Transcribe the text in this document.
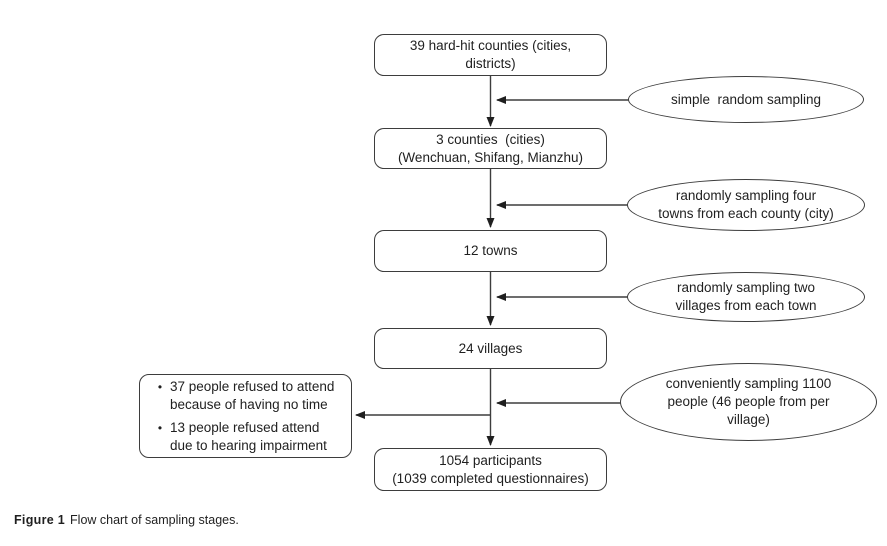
39 hard-hit counties (cities,
districts)
3 counties  (cities)
(Wenchuan, Shifang, Mianzhu)
12 towns
24 villages
1054 participants
(1039 completed questionnaires)
simple  random sampling
randomly sampling four
towns from each county (city)
randomly sampling two
villages from each town
conveniently sampling 1100
people (46 people from per
village)
• 37 people refused to attend
because of having no time
• 13 people refused attend
due to hearing impairment
Figure 1 Flow chart of sampling stages.
